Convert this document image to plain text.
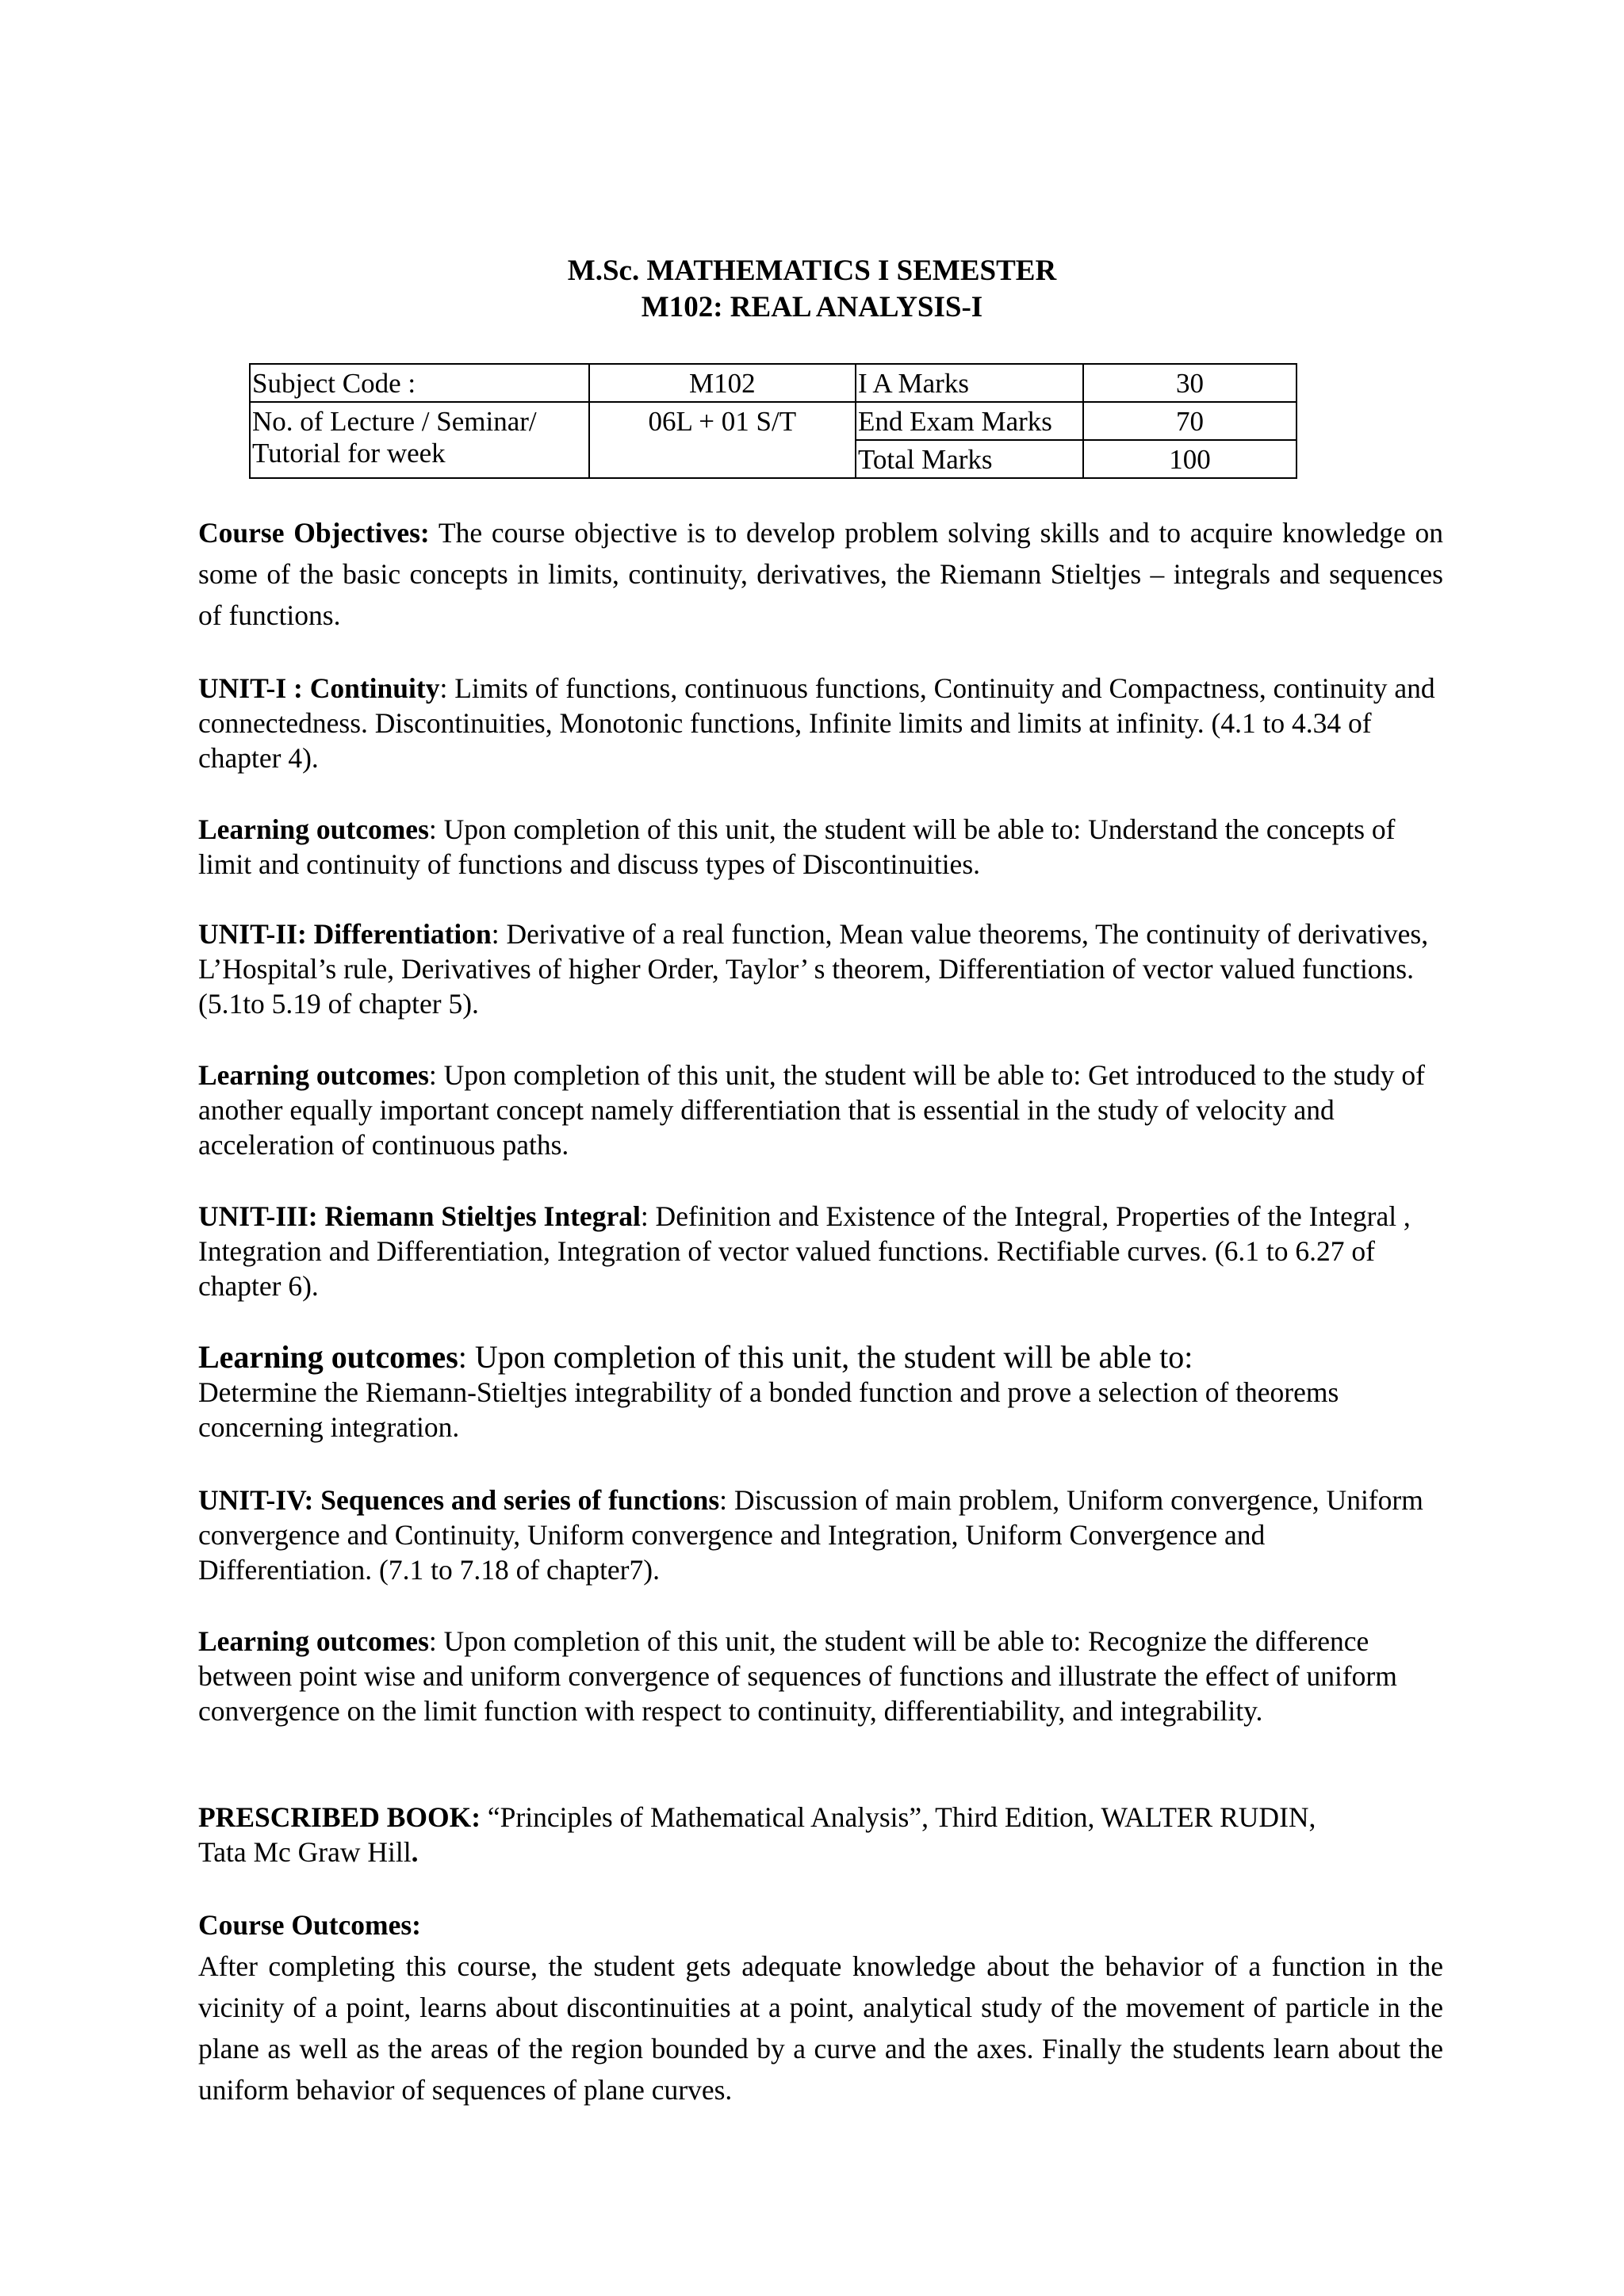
M.Sc. MATHEMATICS I SEMESTER
M102: REAL ANALYSIS-I
Subject Code :	M102	I A Marks	30
No. of Lecture / Seminar/ Tutorial for week	06L + 01 S/T	End Exam Marks	70
		Total Marks	100

Course Objectives: The course objective is to develop problem solving skills and to acquire knowledge on some of the basic concepts in limits, continuity, derivatives, the Riemann Stieltjes – integrals and sequences of functions.

UNIT-I : Continuity: Limits of functions, continuous functions, Continuity and Compactness, continuity and connectedness. Discontinuities, Monotonic functions, Infinite limits and limits at infinity. (4.1 to 4.34 of chapter 4).

Learning outcomes: Upon completion of this unit, the student will be able to: Understand the concepts of limit and continuity of functions and discuss types of Discontinuities.

UNIT-II: Differentiation: Derivative of a real function, Mean value theorems, The continuity of derivatives, L’Hospital’s rule, Derivatives of higher Order, Taylor’ s theorem, Differentiation of vector valued functions. (5.1to 5.19 of chapter 5).

Learning outcomes: Upon completion of this unit, the student will be able to: Get introduced to the study of another equally important concept namely differentiation that is essential in the study of velocity and acceleration of continuous paths.

UNIT-III: Riemann Stieltjes Integral: Definition and Existence of the Integral, Properties of the Integral , Integration and Differentiation, Integration of vector valued functions. Rectifiable curves. (6.1 to 6.27 of chapter 6).

Learning outcomes: Upon completion of this unit, the student will be able to:
Determine the Riemann-Stieltjes integrability of a bonded function and prove a selection of theorems concerning integration.

UNIT-IV: Sequences and series of functions: Discussion of main problem, Uniform convergence, Uniform convergence and Continuity, Uniform convergence and Integration, Uniform Convergence and Differentiation. (7.1 to 7.18 of chapter7).

Learning outcomes: Upon completion of this unit, the student will be able to: Recognize the difference between point wise and uniform convergence of sequences of functions and illustrate the effect of uniform convergence on the limit function with respect to continuity, differentiability, and integrability.

PRESCRIBED BOOK: “Principles of Mathematical Analysis”, Third Edition, WALTER RUDIN, Tata Mc Graw Hill.

Course Outcomes:

After completing this course, the student gets adequate knowledge about the behavior of a function in the vicinity of a point, learns about discontinuities at a point, analytical study of the movement of particle in the plane as well as the areas of the region bounded by a curve and the axes. Finally the students learn about the uniform behavior of sequences of plane curves.
